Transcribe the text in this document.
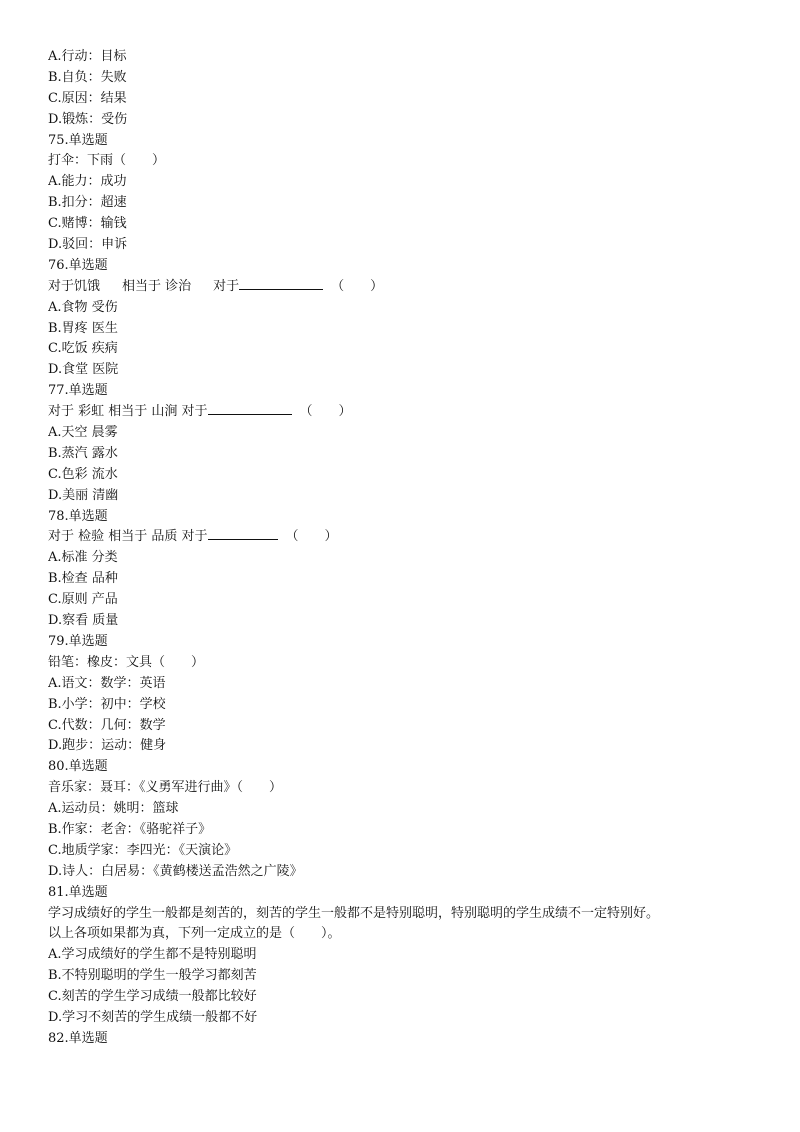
A.行动：目标
B.自负：失败
C.原因：结果
D.锻炼：受伤
75.单选题
打伞：下雨（　　）
A.能力：成功
B.扣分：超速
C.赌博：输钱
D.驳回：申诉
76.单选题
对于饥饿 相当于 诊治 对于	（　　）
A.食物 受伤
B.胃疼 医生
C.吃饭 疾病
D.食堂 医院
77.单选题
对于 彩虹 相当于 山涧 对于	（　　）
A.天空 晨雾
B.蒸汽 露水
C.色彩 流水
D.美丽 清幽
78.单选题
对于 检验 相当于 品质 对于	（　　）
A.标准 分类
B.检查 品种
C.原则 产品
D.察看 质量
79.单选题
铅笔：橡皮：文具（　　）
A.语文：数学：英语
B.小学：初中：学校
C.代数：几何：数学
D.跑步：运动：健身
80.单选题
音乐家：聂耳：《义勇军进行曲》（　　）
A.运动员：姚明：篮球
B.作家：老舍：《骆驼祥子》
C.地质学家：李四光：《天演论》
D.诗人：白居易：《黄鹤楼送孟浩然之广陵》
81.单选题
学习成绩好的学生一般都是刻苦的，刻苦的学生一般都不是特别聪明，特别聪明的学生成绩不一定特别好。
以上各项如果都为真，下列一定成立的是（　　）。
A.学习成绩好的学生都不是特别聪明
B.不特别聪明的学生一般学习都刻苦
C.刻苦的学生学习成绩一般都比较好
D.学习不刻苦的学生成绩一般都不好
82.单选题
